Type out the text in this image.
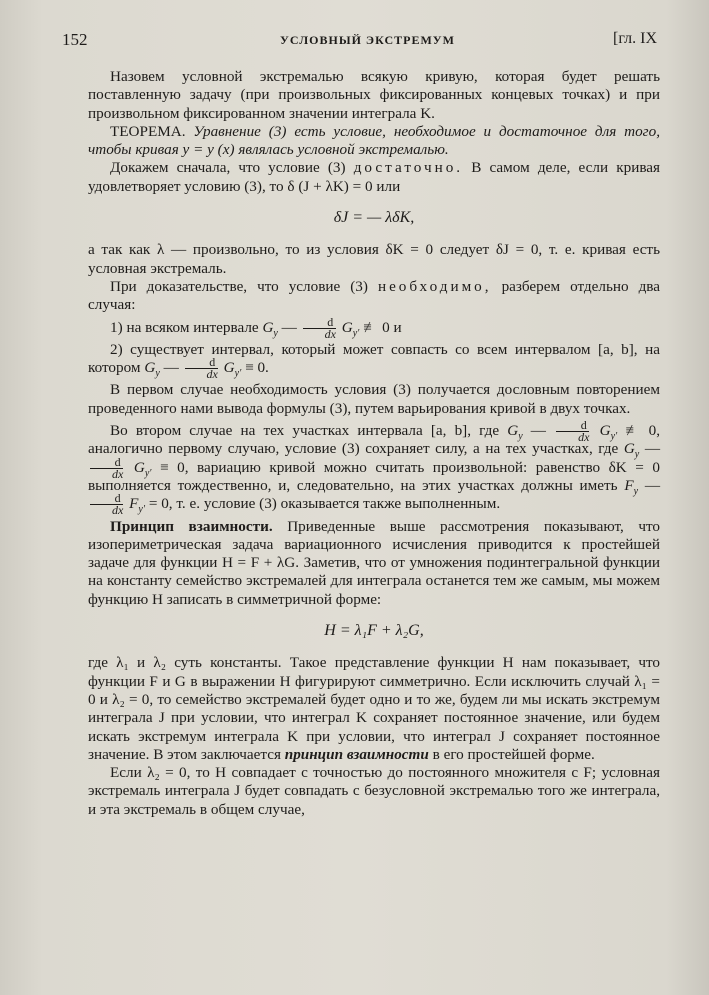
152	УСЛОВНЫЙ ЭКСТРЕМУМ	[гл. IX

Назовем условной экстремалью всякую кривую, которая будет решать поставленную задачу (при произвольных фиксированных концевых точках) и при произвольном фиксированном значении интеграла K.

ТЕОРЕМА. Уравнение (3) есть условие, необходимое и достаточное для того, чтобы кривая y = y (x) являлась условной экстремалью.

Докажем сначала, что условие (3) достаточно. В самом деле, если кривая удовлетворяет условию (3), то δ (J + λK) = 0 или

δJ = — λδK,

а так как λ — произвольно, то из условия δK = 0 следует δJ = 0, т. е. кривая есть условная экстремаль.

При доказательстве, что условие (3) необходимо, разберем отдельно два случая:

1) на всяком интервале $G_y$ — $\frac{d}{dx} G_{y'}$ ≢ 0 и

2) существует интервал, который может совпасть со всем интервалом [a, b], на котором $G_y$ — $\frac{d}{dx} G_{y'} \equiv 0$.

В первом случае необходимость условия (3) получается дословным повторением проведенного нами вывода формулы (3), путем варьирования кривой в двух точках.

Во втором случае на тех участках интервала [a, b], где $G_y$ — $\frac{d}{dx} G_{y'}$ ≢ 0, аналогично первому случаю, условие (3) сохраняет силу, а на тех участках, где $G_y$ —
$\frac{d}{dx} G_{y'} \equiv 0$, вариацию кривой можно считать произвольной: равенство δK = 0 выполняется тождественно, и, следовательно, на этих участках должны иметь $F_y$ —
$\frac{d}{dx} F_{y'} = 0$, т. е. условие (3) оказывается также выполненным.

Принцип взаимности. Приведенные выше рассмотрения показывают, что изопериметрическая задача вариационного исчисления приводится к простейшей задаче для функции H = F + λG. Заметив, что от умножения подинтегральной функции на константу семейство экстремалей для интеграла останется тем же самым, мы можем функцию H записать в симметричной форме:

H = λ₁F + λ₂G,

где λ₁ и λ₂ суть константы. Такое представление функции H нам показывает, что функции F и G в выражении H фигурируют симметрично. Если исключить случай λ₁ = 0 и λ₂ = 0, то семейство экстремалей будет одно и то же, будем ли мы искать экстремум интеграла J при условии, что интеграл K сохраняет постоянное значение, или будем искать экстремум интеграла K при условии, что интеграл J сохраняет постоянное значение. В этом заключается принцип взаимности в его простейшей форме.

Если λ₂ = 0, то H совпадает с точностью до постоянного множителя с F; условная экстремаль интеграла J будет совпадать с безусловной экстремалью того же интеграла, и эта экстремаль в общем случае,
